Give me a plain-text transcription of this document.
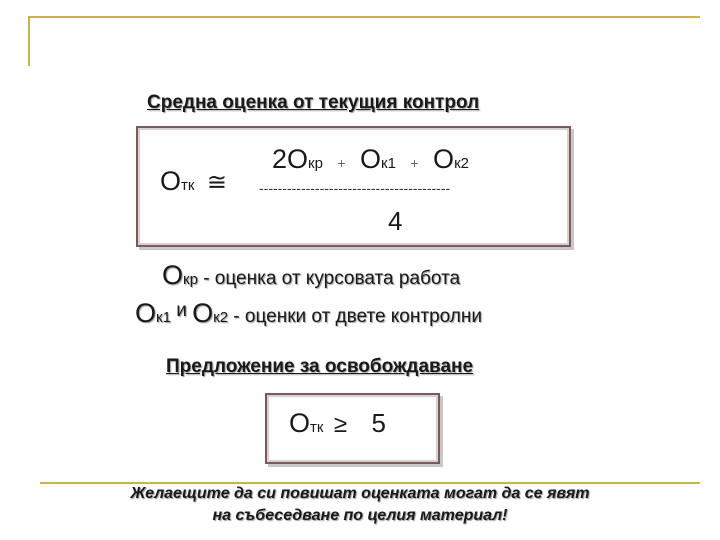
Средна оценка от текущия контрол
Отк ≅
2Окр + Ок1 + Ок2
-----------------------------------------
4
Окр - оценка от курсовата работа
Ок1 и Ок2 - оценки от двете контролни
Предложение за освобождаване
Отк ≥ 5
Желаещите да си повишат оценката могат да се явят
на събеседване по целия материал!
